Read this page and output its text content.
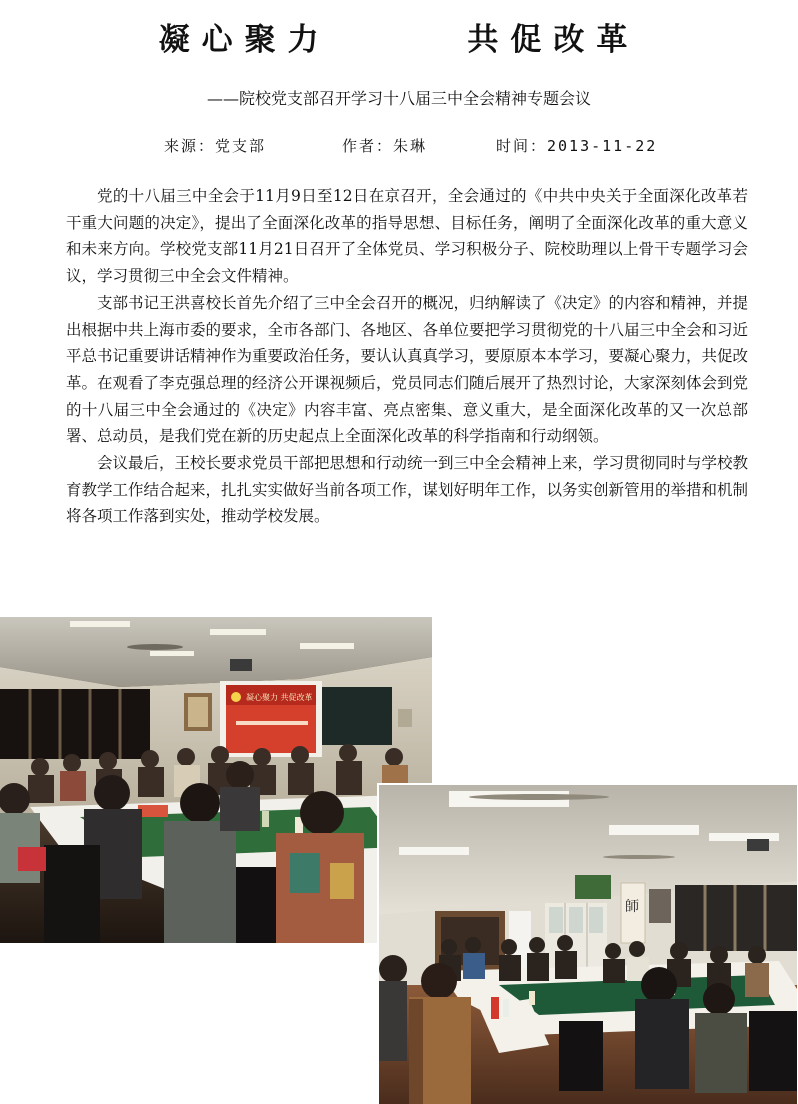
凝心聚力      共促改革

——院校党支部召开学习十八届三中全会精神专题会议

来源：党支部	作者：朱琳	时间：2013-11-22

党的十八届三中全会于11月9日至12日在京召开，全会通过的《中共中央关于全面深化改革若干重大问题的决定》，提出了全面深化改革的指导思想、目标任务，阐明了全面深化改革的重大意义和未来方向。学校党支部11月21日召开了全体党员、学习积极分子、院校助理以上骨干专题学习会议，学习贯彻三中全会文件精神。

支部书记王洪喜校长首先介绍了三中全会召开的概况，归纳解读了《决定》的内容和精神，并提出根据中共上海市委的要求，全市各部门、各地区、各单位要把学习贯彻党的十八届三中全会和习近平总书记重要讲话精神作为重要政治任务，要认认真真学习，要原原本本学习，要凝心聚力，共促改革。在观看了李克强总理的经济公开课视频后，党员同志们随后展开了热烈讨论，大家深刻体会到党的十八届三中全会通过的《决定》内容丰富、亮点密集、意义重大，是全面深化改革的又一次总部署、总动员，是我们党在新的历史起点上全面深化改革的科学指南和行动纲领。

会议最后，王校长要求党员干部把思想和行动统一到三中全会精神上来，学习贯彻同时与学校教育教学工作结合起来，扎扎实实做好当前各项工作，谋划好明年工作，以务实创新管用的举措和机制将各项工作落到实处，推动学校发展。

凝心聚力 共促改革
師
